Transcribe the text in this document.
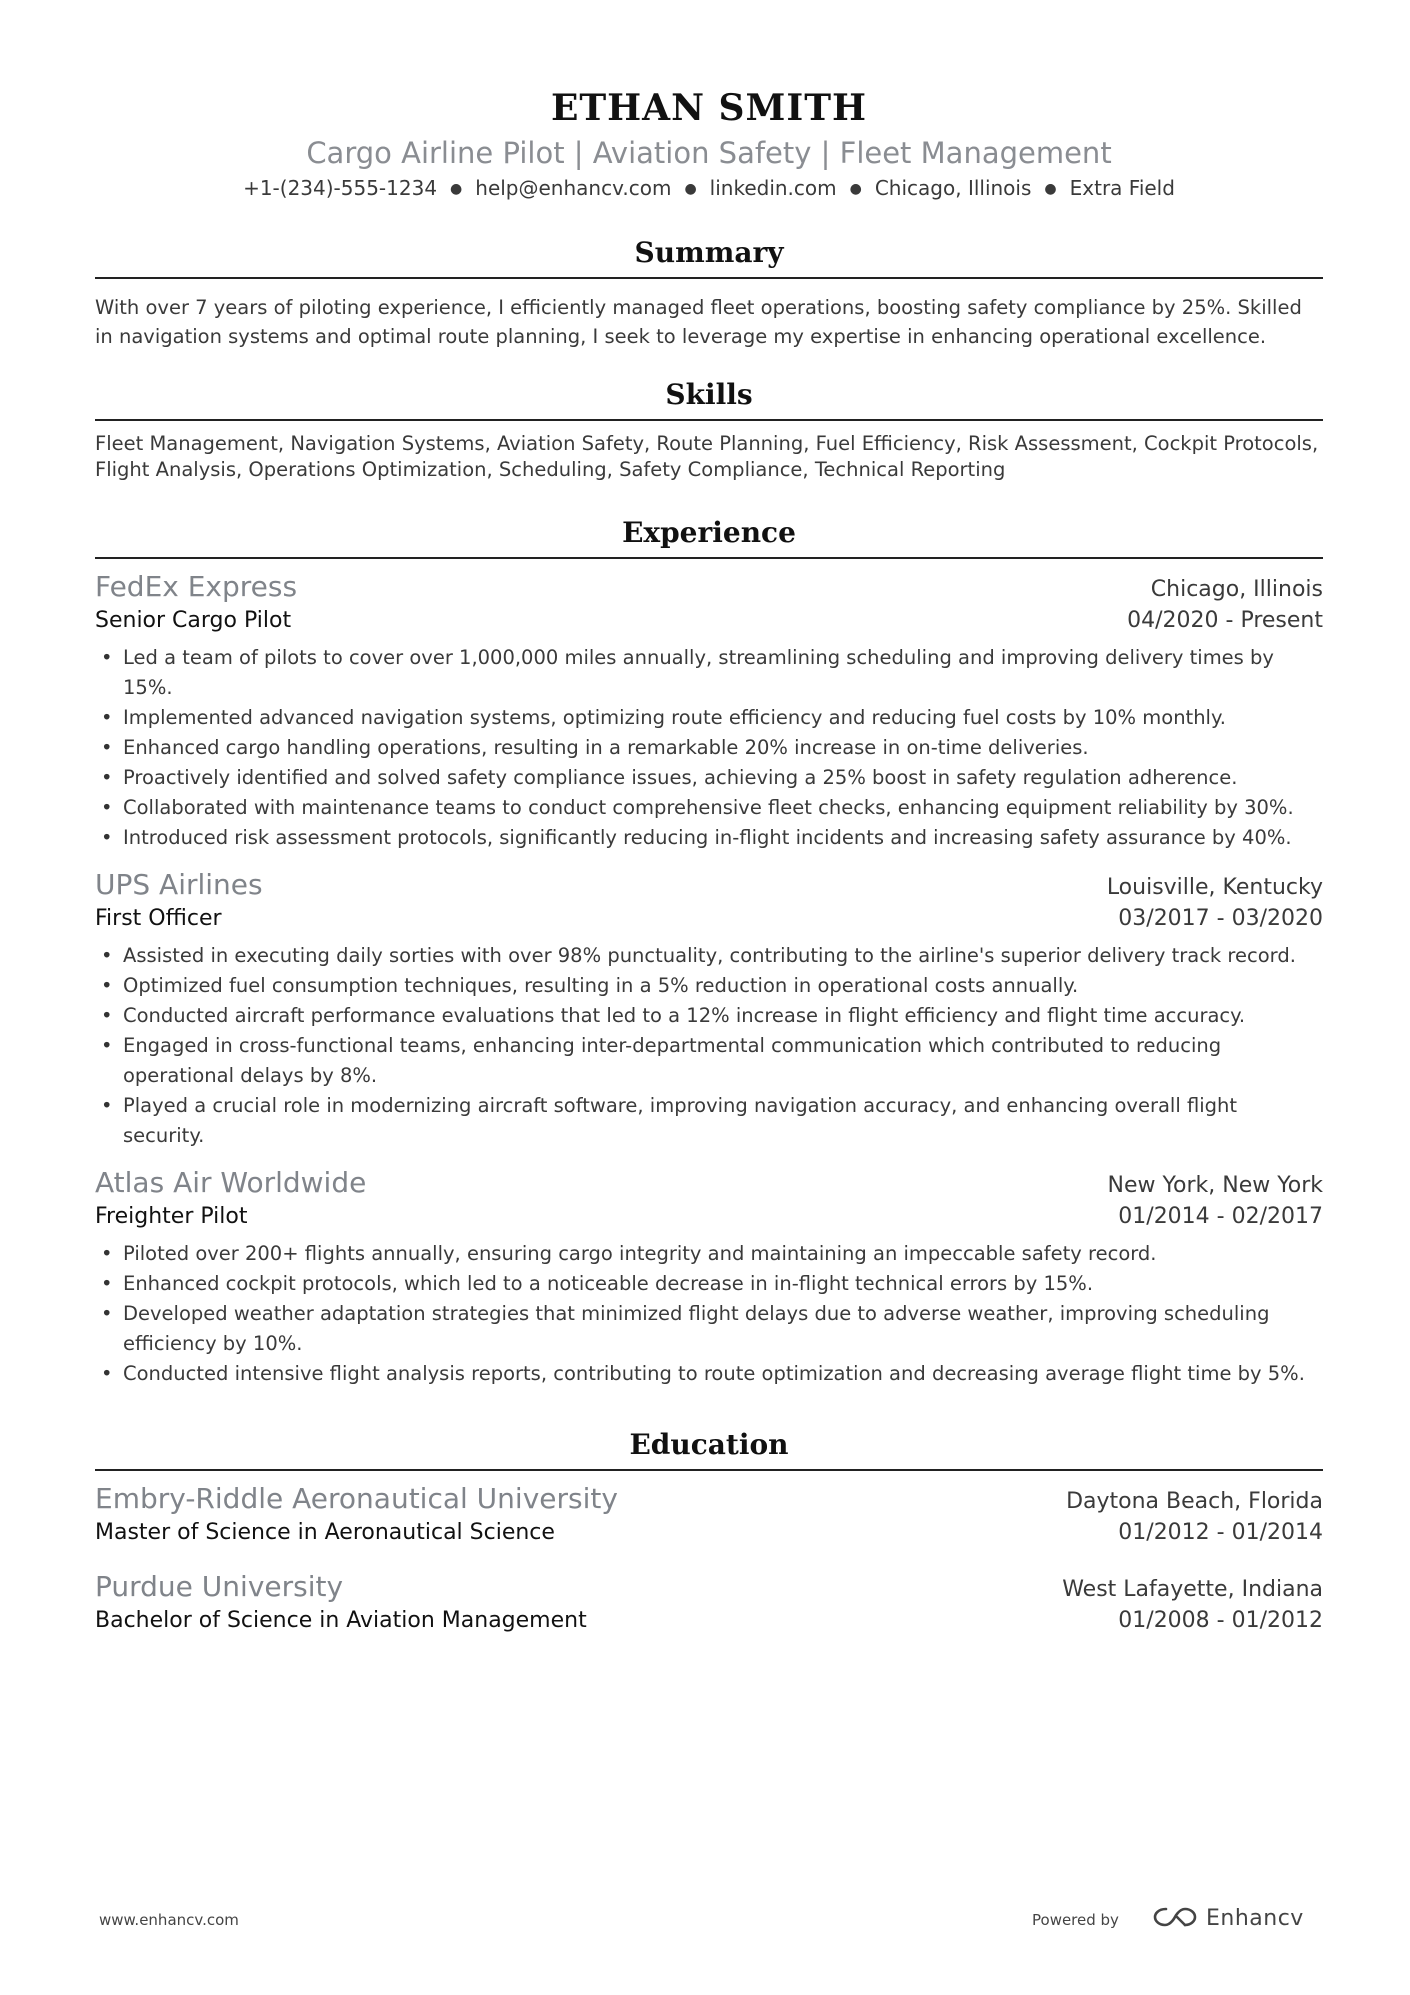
ETHAN SMITH
Cargo Airline Pilot | Aviation Safety | Fleet Management
+1-(234)-555-1234 ● help@enhancv.com ● linkedin.com ● Chicago, Illinois ● Extra Field
Summary
With over 7 years of piloting experience, I efficiently managed fleet operations, boosting safety compliance by 25%. Skilled in navigation systems and optimal route planning, I seek to leverage my expertise in enhancing operational excellence.
Skills
Fleet Management, Navigation Systems, Aviation Safety, Route Planning, Fuel Efficiency, Risk Assessment, Cockpit Protocols, Flight Analysis, Operations Optimization, Scheduling, Safety Compliance, Technical Reporting
Experience
FedEx Express	Chicago, Illinois
Senior Cargo Pilot	04/2020 - Present
• Led a team of pilots to cover over 1,000,000 miles annually, streamlining scheduling and improving delivery times by 15%.
• Implemented advanced navigation systems, optimizing route efficiency and reducing fuel costs by 10% monthly.
• Enhanced cargo handling operations, resulting in a remarkable 20% increase in on-time deliveries.
• Proactively identified and solved safety compliance issues, achieving a 25% boost in safety regulation adherence.
• Collaborated with maintenance teams to conduct comprehensive fleet checks, enhancing equipment reliability by 30%.
• Introduced risk assessment protocols, significantly reducing in-flight incidents and increasing safety assurance by 40%.
UPS Airlines	Louisville, Kentucky
First Officer	03/2017 - 03/2020
• Assisted in executing daily sorties with over 98% punctuality, contributing to the airline's superior delivery track record.
• Optimized fuel consumption techniques, resulting in a 5% reduction in operational costs annually.
• Conducted aircraft performance evaluations that led to a 12% increase in flight efficiency and flight time accuracy.
• Engaged in cross-functional teams, enhancing inter-departmental communication which contributed to reducing operational delays by 8%.
• Played a crucial role in modernizing aircraft software, improving navigation accuracy, and enhancing overall flight security.
Atlas Air Worldwide	New York, New York
Freighter Pilot	01/2014 - 02/2017
• Piloted over 200+ flights annually, ensuring cargo integrity and maintaining an impeccable safety record.
• Enhanced cockpit protocols, which led to a noticeable decrease in in-flight technical errors by 15%.
• Developed weather adaptation strategies that minimized flight delays due to adverse weather, improving scheduling efficiency by 10%.
• Conducted intensive flight analysis reports, contributing to route optimization and decreasing average flight time by 5%.
Education
Embry-Riddle Aeronautical University	Daytona Beach, Florida
Master of Science in Aeronautical Science	01/2012 - 01/2014
Purdue University	West Lafayette, Indiana
Bachelor of Science in Aviation Management	01/2008 - 01/2012
www.enhancv.com	Powered by	Enhancv
